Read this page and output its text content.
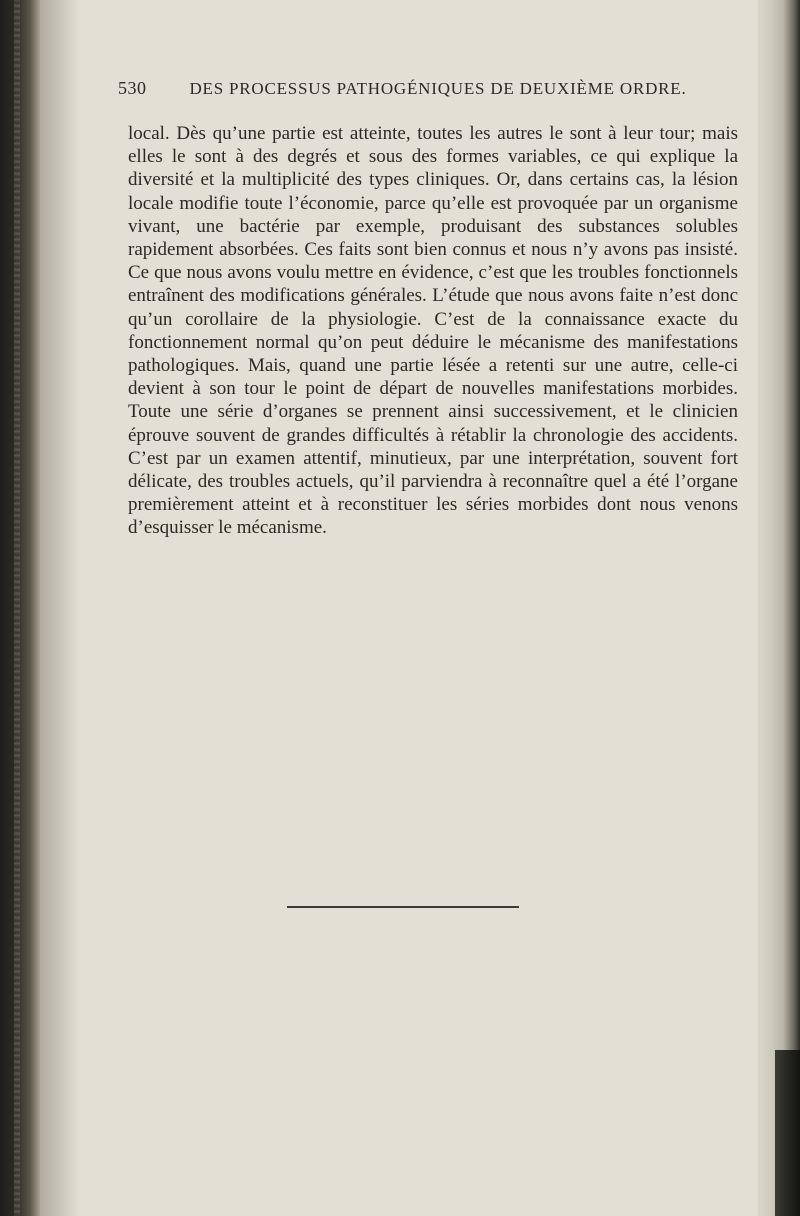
530	DES PROCESSUS PATHOGÉNIQUES DE DEUXIÈME ORDRE.

local. Dès qu’une partie est atteinte, toutes les autres le sont à leur tour; mais elles le sont à des degrés et sous des formes variables, ce qui explique la diversité et la multiplicité des types cliniques. Or, dans certains cas, la lésion locale modifie toute l’économie, parce qu’elle est provoquée par un organisme vivant, une bactérie par exemple, produisant des substances solubles rapidement absorbées. Ces faits sont bien connus et nous n’y avons pas insisté. Ce que nous avons voulu mettre en évidence, c’est que les troubles fonctionnels entraînent des modifications générales. L’étude que nous avons faite n’est donc qu’un corollaire de la physiologie. C’est de la connaissance exacte du fonctionnement normal qu’on peut déduire le mécanisme des manifestations pathologiques. Mais, quand une partie lésée a retenti sur une autre, celle-ci devient à son tour le point de départ de nouvelles manifestations morbides. Toute une série d’organes se prennent ainsi successivement, et le clinicien éprouve souvent de grandes difficultés à rétablir la chronologie des accidents. C’est par un examen attentif, minutieux, par une interprétation, souvent fort délicate, des troubles actuels, qu’il parviendra à reconnaître quel a été l’organe premièrement atteint et à reconstituer les séries morbides dont nous venons d’esquisser le mécanisme.
